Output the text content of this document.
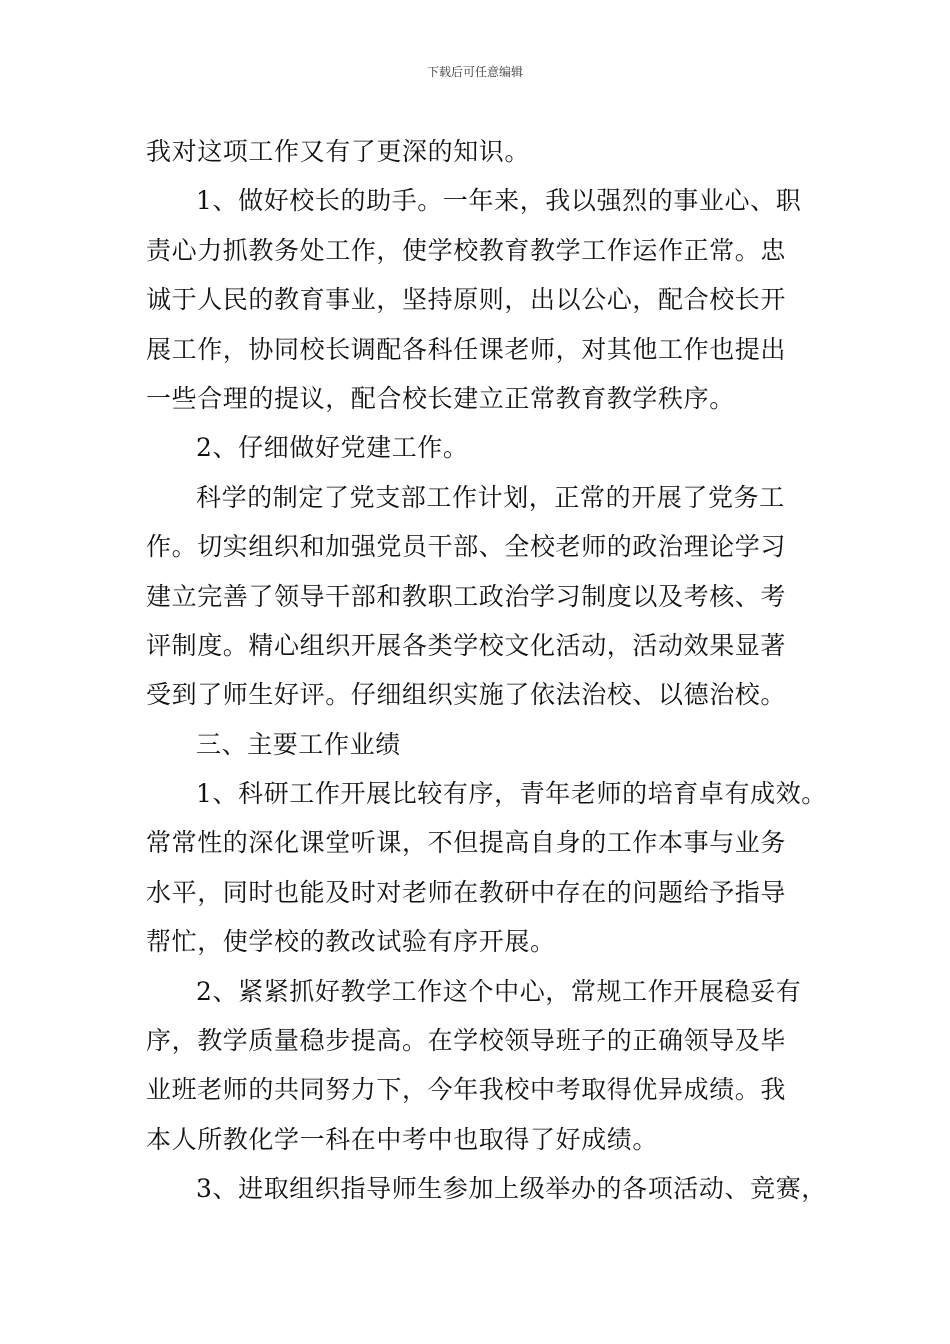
下载后可任意编辑
我对这项工作又有了更深的知识。
1、做好校长的助手。一年来，我以强烈的事业心、职
责心力抓教务处工作，使学校教育教学工作运作正常。忠
诚于人民的教育事业，坚持原则，出以公心，配合校长开
展工作，协同校长调配各科任课老师，对其他工作也提出
一些合理的提议，配合校长建立正常教育教学秩序。
2、仔细做好党建工作。
科学的制定了党支部工作计划，正常的开展了党务工
作。切实组织和加强党员干部、全校老师的政治理论学习
建立完善了领导干部和教职工政治学习制度以及考核、考
评制度。精心组织开展各类学校文化活动，活动效果显著
受到了师生好评。仔细组织实施了依法治校、以德治校。
三、主要工作业绩
1、科研工作开展比较有序，青年老师的培育卓有成效。
常常性的深化课堂听课，不但提高自身的工作本事与业务
水平，同时也能及时对老师在教研中存在的问题给予指导
帮忙，使学校的教改试验有序开展。
2、紧紧抓好教学工作这个中心，常规工作开展稳妥有
序，教学质量稳步提高。在学校领导班子的正确领导及毕
业班老师的共同努力下，今年我校中考取得优异成绩。我
本人所教化学一科在中考中也取得了好成绩。
3、进取组织指导师生参加上级举办的各项活动、竞赛，
